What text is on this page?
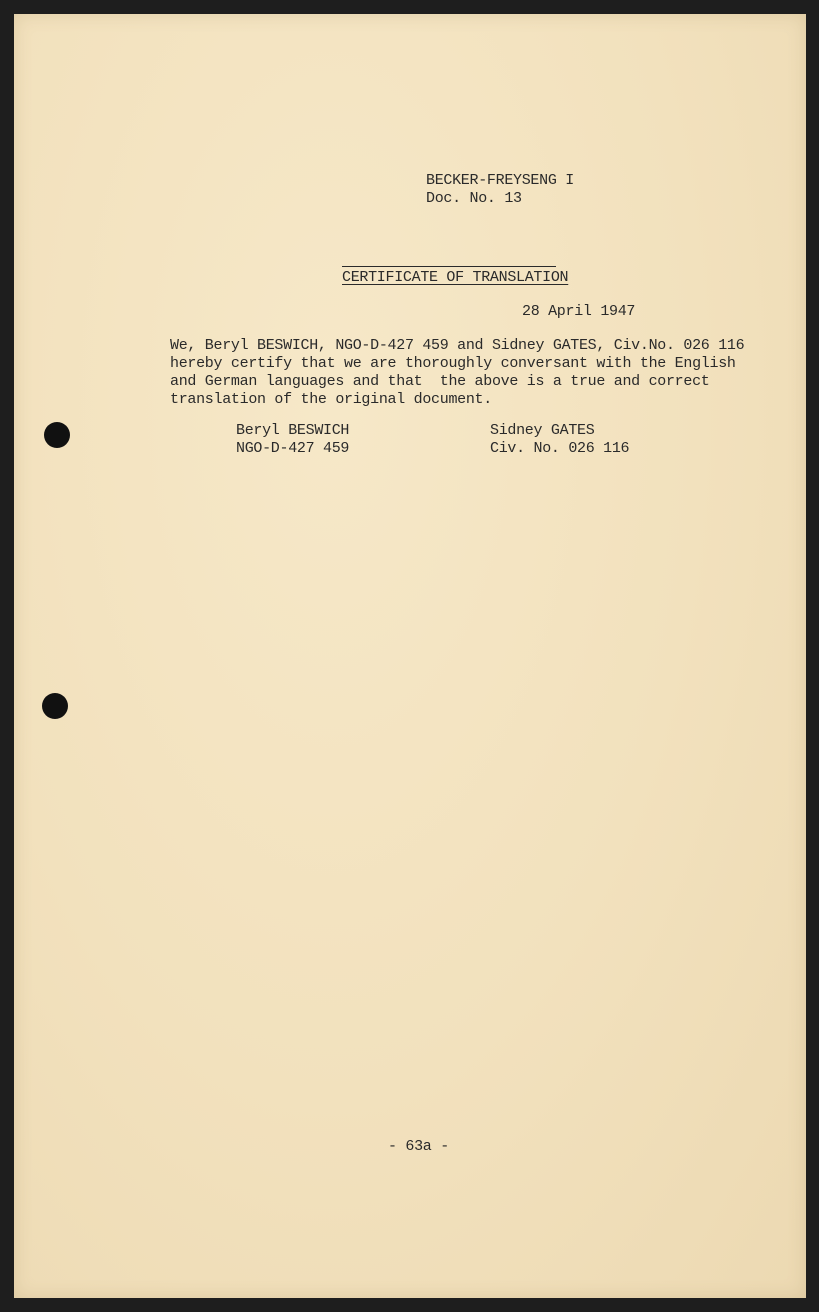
BECKER-FREYSENG I
Doc. No. 13
CERTIFICATE OF TRANSLATION
28 April 1947
We, Beryl BESWICH, NGO-D-427 459 and Sidney GATES, Civ.No. 026 116
hereby certify that we are thoroughly conversant with the English
and German languages and that  the above is a true and correct
translation of the original document.
Beryl BESWICH
NGO-D-427 459
Sidney GATES
Civ. No. 026 116
- 63a -
